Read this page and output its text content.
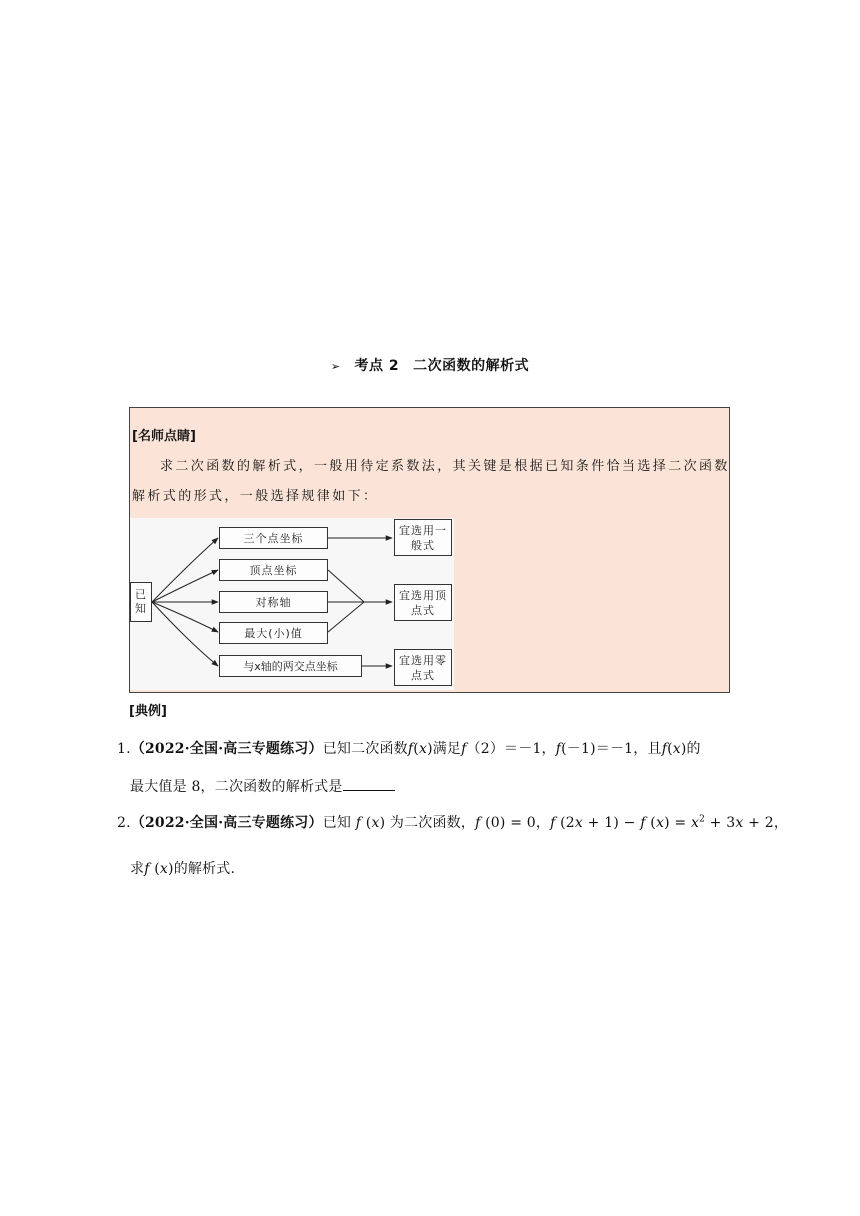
➢ 考点 2 二次函数的解析式
[名师点睛]
求二次函数的解析式，一般用待定系数法，其关键是根据已知条件恰当选择二次函数解析式的形式，一般选择规律如下：
已知
三个点坐标
顶点坐标
对称轴
最大(小)值
与x轴的两交点坐标
宜选用一般式
宜选用顶点式
宜选用零点式
[典例]
1.（2022·全国·高三专题练习）已知二次函数f(x)满足f（2）＝－1，f(－1)＝－1，且f(x)的
最大值是 8，二次函数的解析式是
2.（2022·全国·高三专题练习）已知 f (x) 为二次函数，f (0) = 0，f (2x + 1) − f $(x) = x^2 + 3x + 2$，
求f (x)的解析式.
